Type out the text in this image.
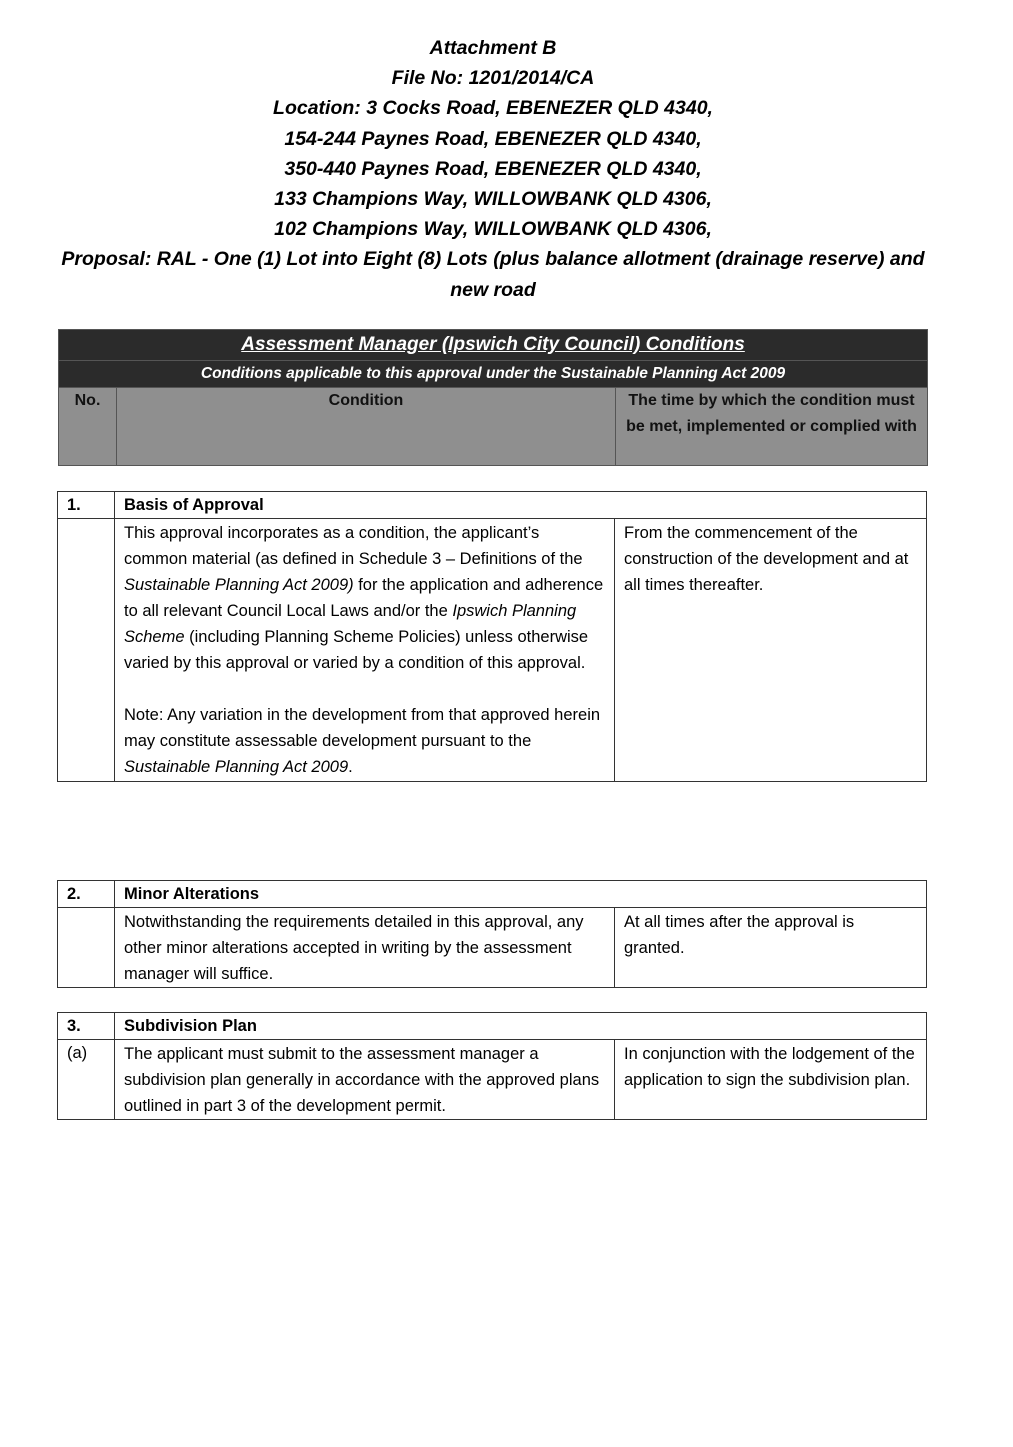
Attachment B
File No: 1201/2014/CA
Location: 3 Cocks Road, EBENEZER QLD 4340,
154-244 Paynes Road, EBENEZER QLD 4340,
350-440 Paynes Road, EBENEZER QLD 4340,
133 Champions Way, WILLOWBANK QLD 4306,
102 Champions Way, WILLOWBANK QLD 4306,
Proposal: RAL - One (1) Lot into Eight (8) Lots (plus balance allotment (drainage reserve) and new road
Assessment Manager (Ipswich City Council) Conditions
Conditions applicable to this approval under the Sustainable Planning Act 2009
No.	Condition	The time by which the condition must be met, implemented or complied with
1.	Basis of Approval	

	This approval incorporates as a condition, the applicant’s common material (as defined in Schedule 3 – Definitions of the Sustainable Planning Act 2009) for the application and adherence to all relevant Council Local Laws and/or the Ipswich Planning Scheme (including Planning Scheme Policies) unless otherwise varied by this approval or varied by a condition of this approval.

Note: Any variation in the development from that approved herein may constitute assessable development pursuant to the Sustainable Planning Act 2009.	From the commencement of the construction of the development and at all times thereafter.
2.	Minor Alterations	
	Notwithstanding the requirements detailed in this approval, any other minor alterations accepted in writing by the assessment manager will suffice.	At all times after the approval is granted.
3.	Subdivision Plan	
(a)	The applicant must submit to the assessment manager a subdivision plan generally in accordance with the approved plans outlined in part 3 of the development permit.	In conjunction with the lodgement of the application to sign the subdivision plan.
